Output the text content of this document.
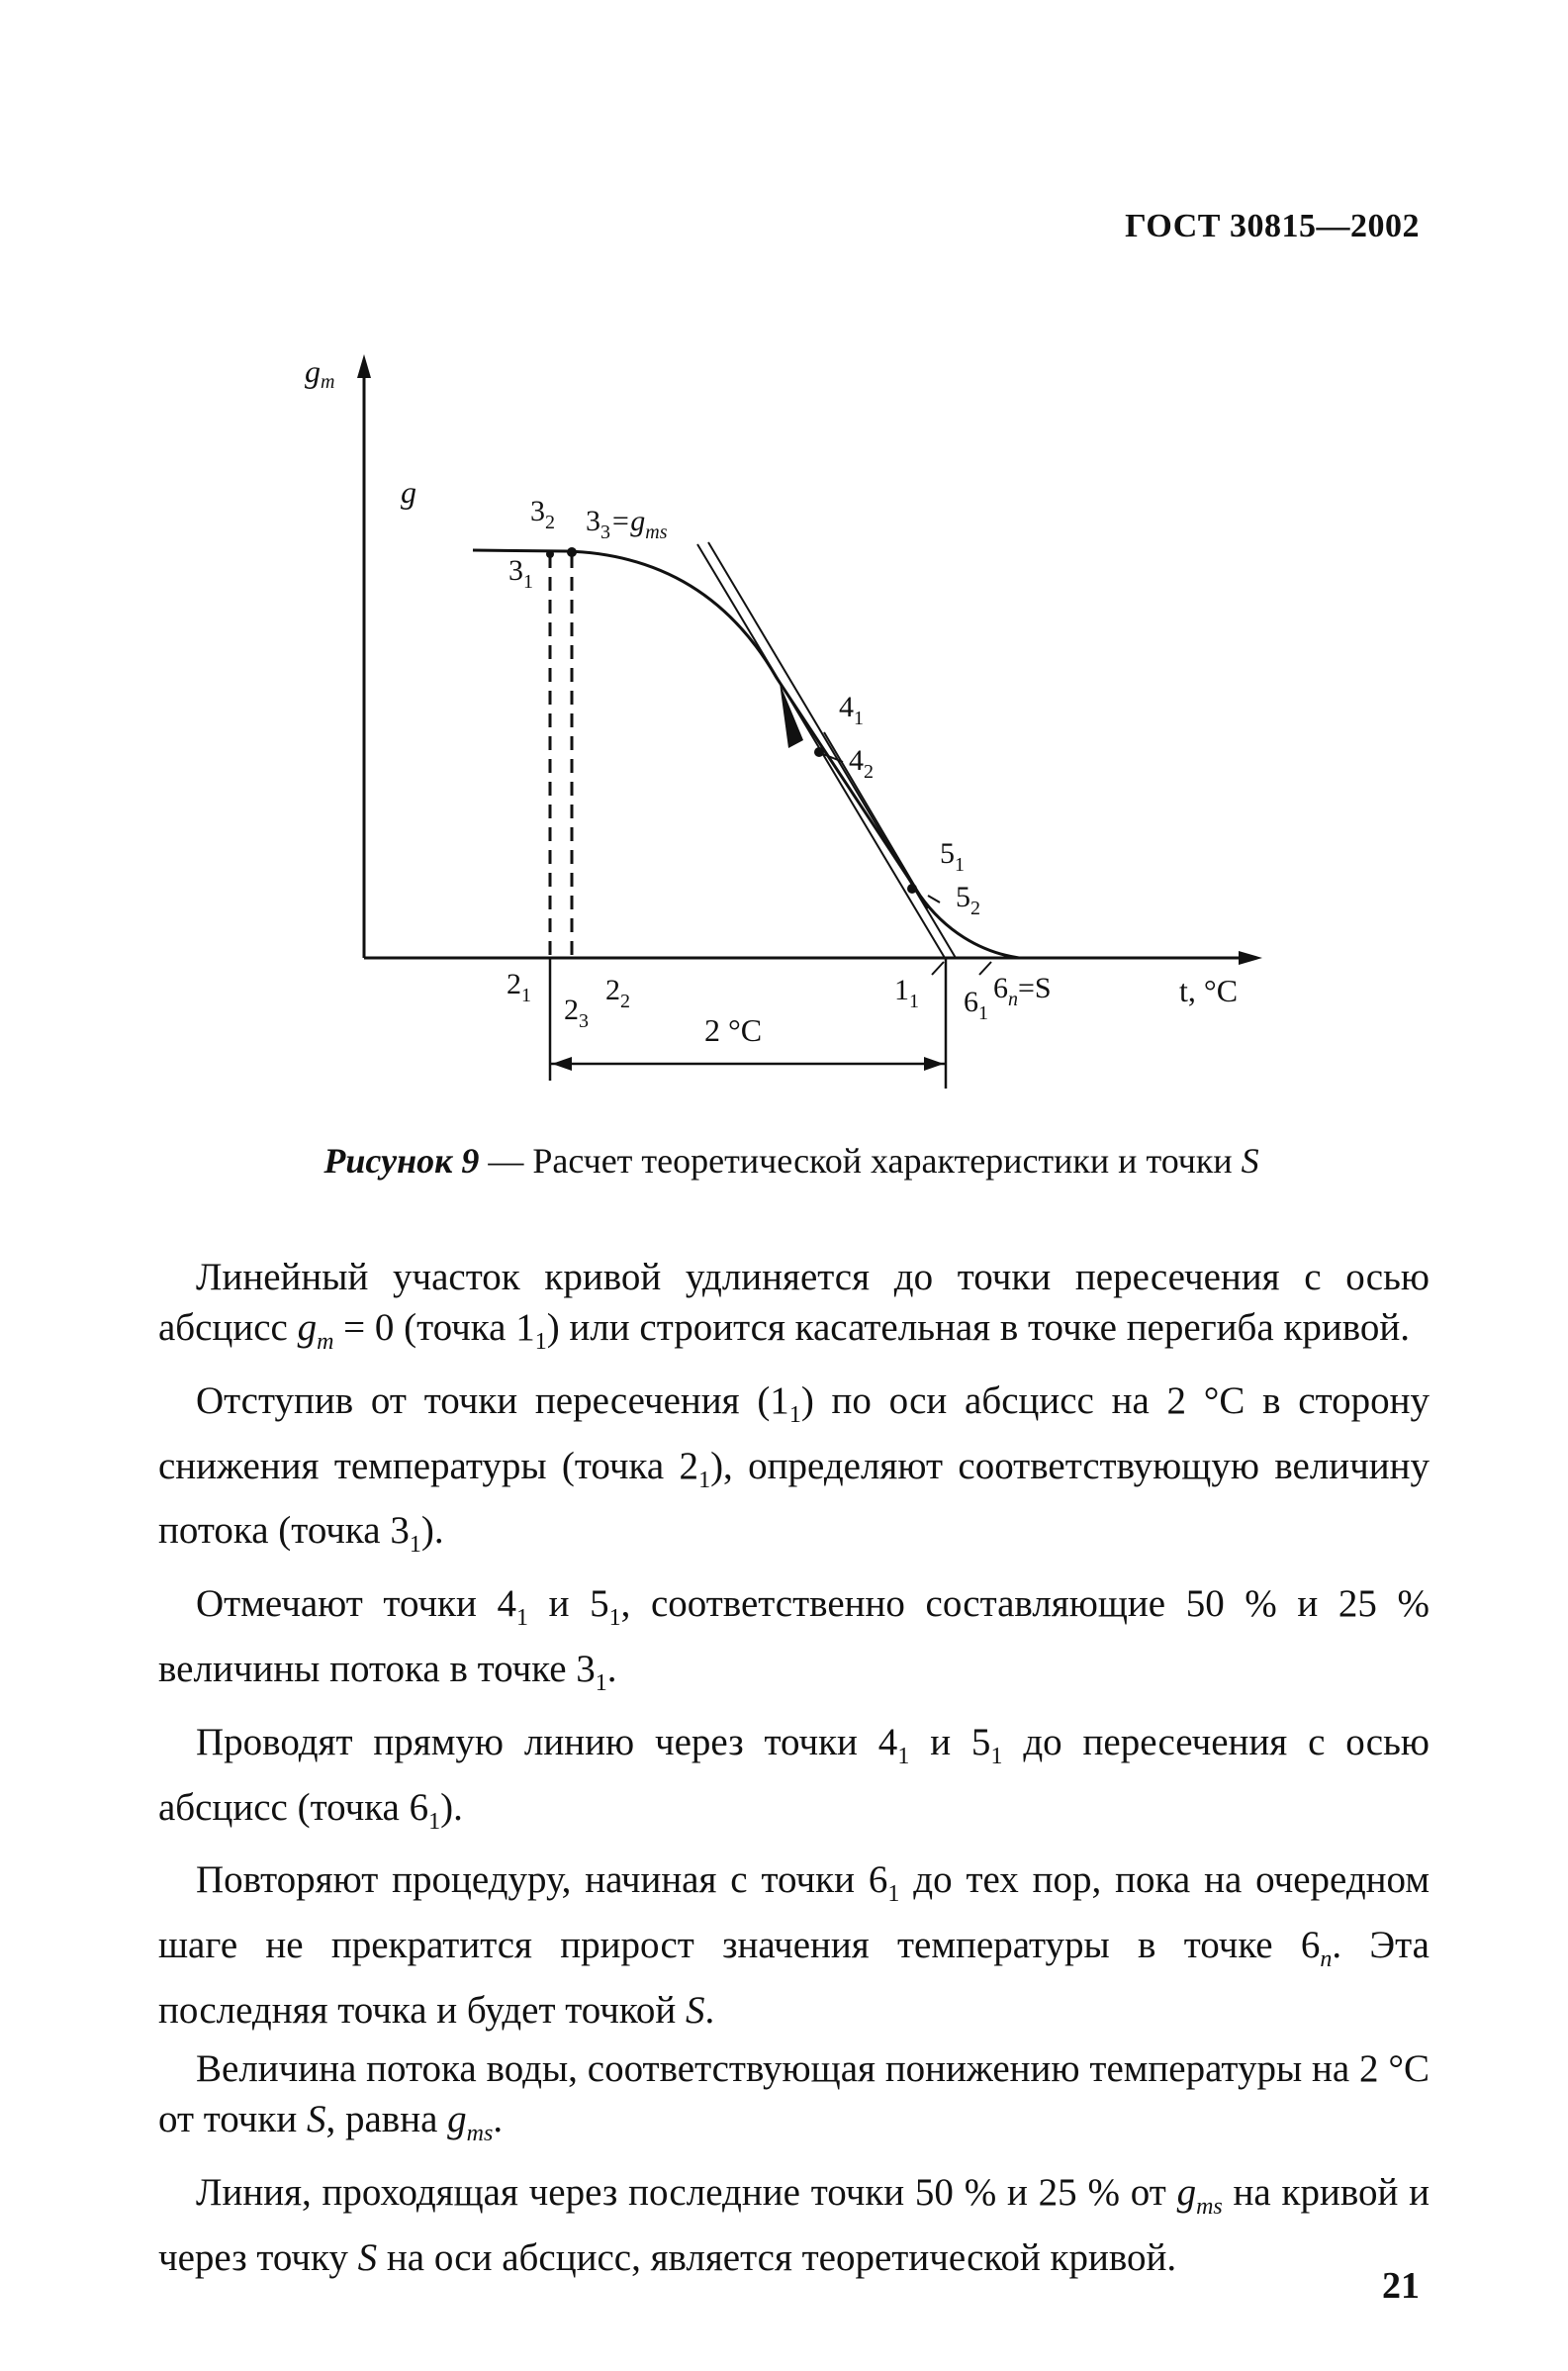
ГОСТ 30815—2002
gm
g
$3_2$ $3_3=g_{ms}$
$3_1$
$4_1$
$4_2$
$5_1$
$5_2$
$2_1$ $2_3$
$2_2$	$1_1$ $6_1$
$6_n=S$	t, °C
2 °C
Рисунок 9 — Расчет теоретической характеристики и точки S

Линейный участок кривой удлиняется до точки пересечения с осью абсцисс $g_m = 0$ (точка $1_1$) или строится касательная в точке перегиба кривой.

Отступив от точки пересечения $(1_1)$ по оси абсцисс на 2 °С в сторону снижения температуры (точка $2_1$), определяют соответствующую величину потока (точка $3_1$).

Отмечают точки $4_1$ и $5_1$, соответственно составляющие 50 % и 25 % величины потока в точке $3_1$.

Проводят прямую линию через точки $4_1$ и $5_1$ до пересечения с осью абсцисс (точка $6_1$).

Повторяют процедуру, начиная с точки $6_1$ до тех пор, пока на очередном шаге не прекратится прирост значения температуры в точке $6_n$. Эта последняя точка и будет точкой S.

Величина потока воды, соответствующая понижению температуры на 2 °С от точки S, равна $g_{ms}$.

Линия, проходящая через последние точки 50 % и 25 % от $g_{ms}$ на кривой и через точку S на оси абсцисс, является теоретической кривой.

21
